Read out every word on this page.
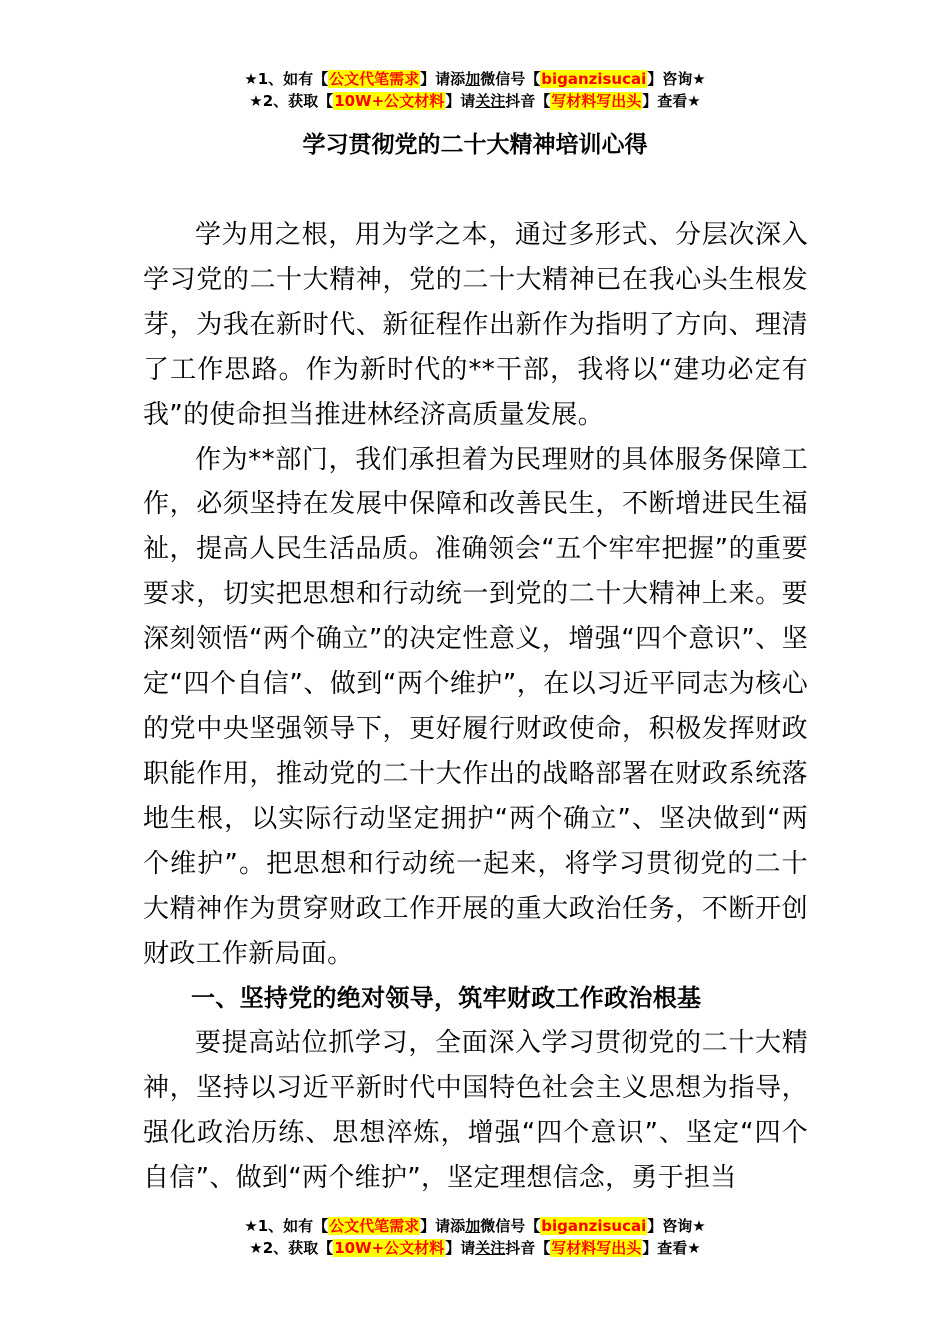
★1、如有【公文代笔需求】请添加微信号【biganzisucai】咨询★
★2、获取【10W+公文材料】请关注抖音【写材料写出头】查看★
学习贯彻党的二十大精神培训心得

学为用之根，用为学之本，通过多形式、分层次深入学习党的二十大精神，党的二十大精神已在我心头生根发芽，为我在新时代、新征程作出新作为指明了方向、理清了工作思路。作为新时代的**干部，我将以“建功必定有我”的使命担当推进林经济高质量发展。

作为**部门，我们承担着为民理财的具体服务保障工作，必须坚持在发展中保障和改善民生，不断增进民生福祉，提高人民生活品质。准确领会“五个牢牢把握”的重要要求，切实把思想和行动统一到党的二十大精神上来。要深刻领悟“两个确立”的决定性意义，增强“四个意识”、坚定“四个自信”、做到“两个维护”，在以习近平同志为核心的党中央坚强领导下，更好履行财政使命，积极发挥财政职能作用，推动党的二十大作出的战略部署在财政系统落地生根，以实际行动坚定拥护“两个确立”、坚决做到“两个维护”。把思想和行动统一起来，将学习贯彻党的二十大精神作为贯穿财政工作开展的重大政治任务，不断开创财政工作新局面。

一、坚持党的绝对领导，筑牢财政工作政治根基

要提高站位抓学习，全面深入学习贯彻党的二十大精神，坚持以习近平新时代中国特色社会主义思想为指导，强化政治历练、思想淬炼，增强“四个意识”、坚定“四个自信”、做到“两个维护”，坚定理想信念，勇于担当

★1、如有【公文代笔需求】请添加微信号【biganzisucai】咨询★
★2、获取【10W+公文材料】请关注抖音【写材料写出头】查看★
